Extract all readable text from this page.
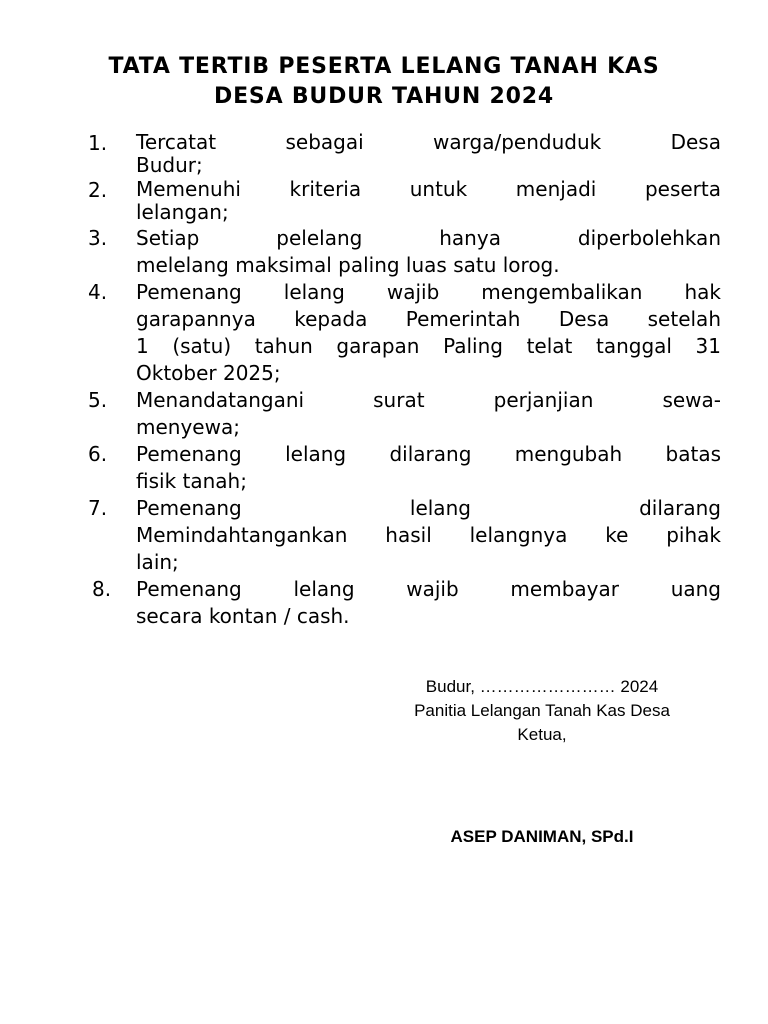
TATA TERTIB PESERTA LELANG TANAH KAS
DESA BUDUR TAHUN 2024
1.	Tercatat sebagai warga/penduduk Desa
Budur;
2.	Memenuhi kriteria untuk menjadi peserta
lelangan;
3.	Setiap pelelang hanya diperbolehkan
melelang maksimal paling luas satu lorog.
4.	Pemenang lelang wajib mengembalikan hak
garapannya kepada Pemerintah Desa setelah
1 (satu) tahun garapan Paling telat tanggal 31
Oktober 2025;
5.	Menandatangani surat perjanjian sewa-
menyewa;
6.	Pemenang lelang dilarang mengubah batas
fisik tanah;
7.	Pemenang lelang dilarang
Memindahtangankan hasil lelangnya ke pihak
lain;
8.	Pemenang lelang wajib membayar uang
secara kontan / cash.
Budur, …………………… 2024
Panitia Lelangan Tanah Kas Desa
Ketua,
ASEP DANIMAN, SPd.I
